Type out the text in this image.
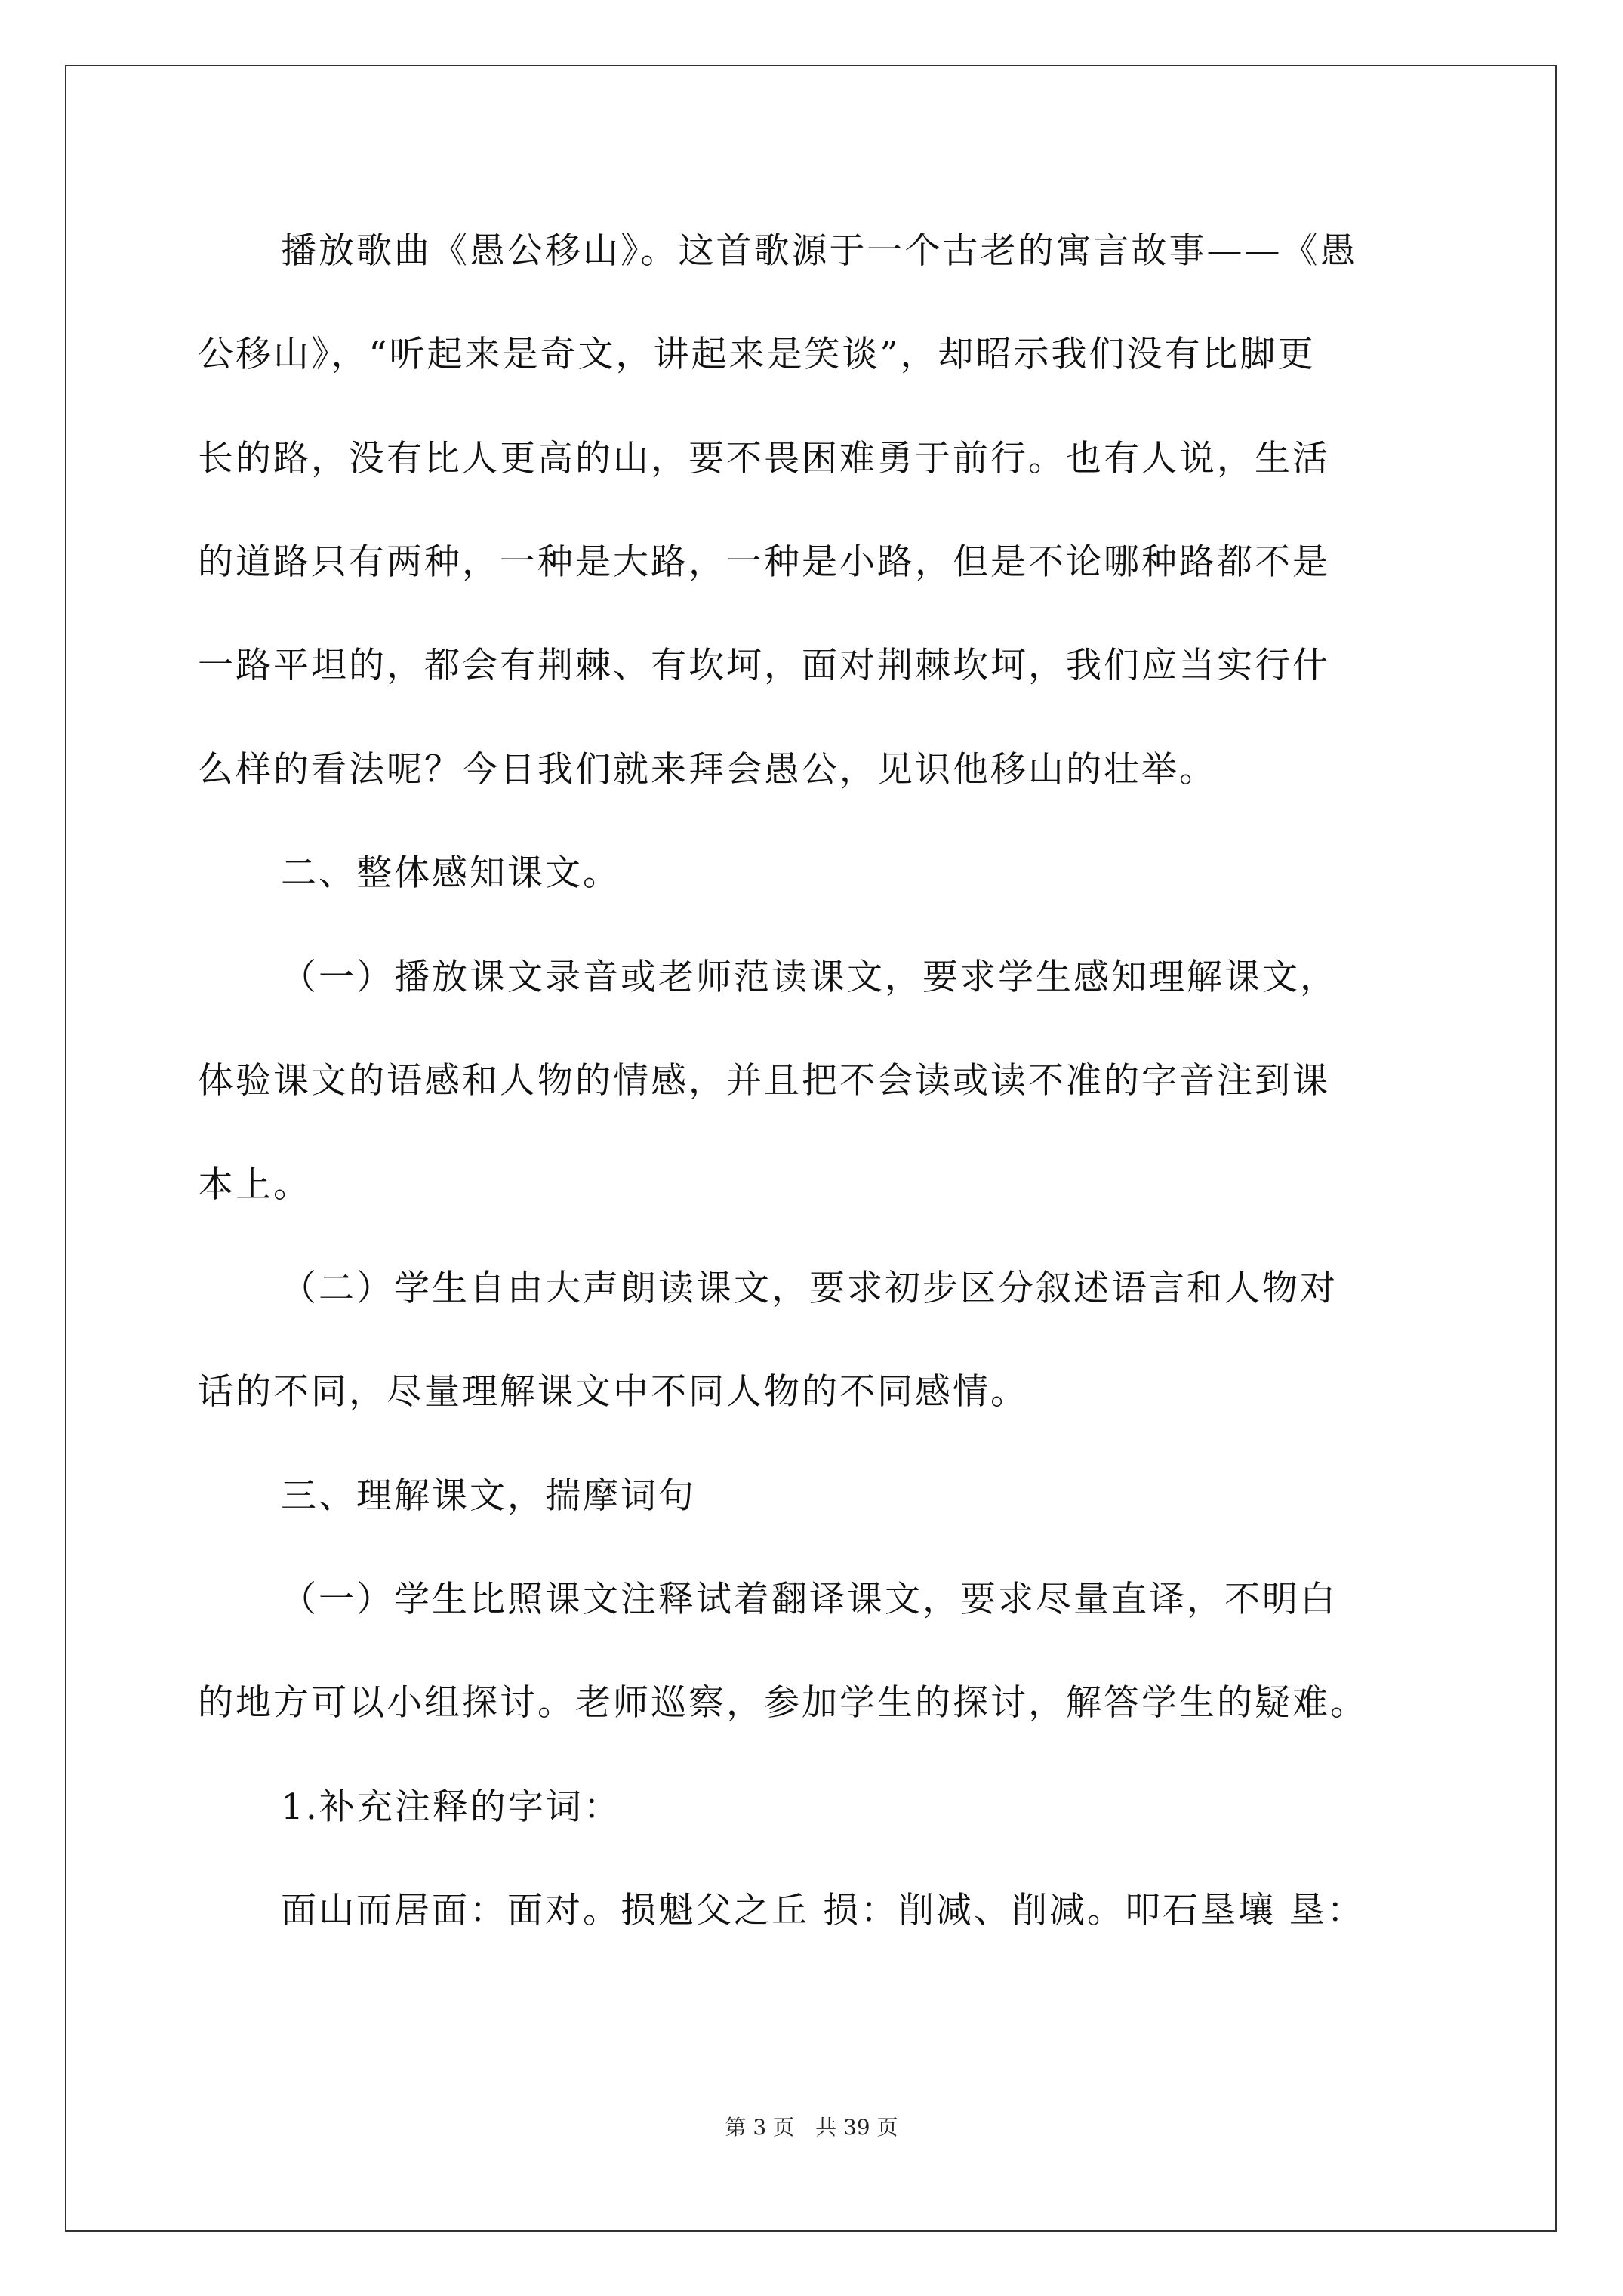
播放歌曲《愚公移山》。这首歌源于一个古老的寓言故事——《愚
公移山》，“听起来是奇文，讲起来是笑谈”，却昭示我们没有比脚更
长的路，没有比人更高的山，要不畏困难勇于前行。也有人说，生活
的道路只有两种，一种是大路，一种是小路，但是不论哪种路都不是
一路平坦的，都会有荆棘、有坎坷，面对荆棘坎坷，我们应当实行什
么样的看法呢？今日我们就来拜会愚公，见识他移山的壮举。
二、整体感知课文。
（一）播放课文录音或老师范读课文，要求学生感知理解课文，
体验课文的语感和人物的情感，并且把不会读或读不准的字音注到课
本上。
（二）学生自由大声朗读课文，要求初步区分叙述语言和人物对
话的不同，尽量理解课文中不同人物的不同感情。
三、理解课文，揣摩词句
（一）学生比照课文注释试着翻译课文，要求尽量直译，不明白
的地方可以小组探讨。老师巡察，参加学生的探讨，解答学生的疑难。
1.补充注释的字词：
面山而居面：面对。损魁父之丘 损：削减、削减。叩石垦壤 垦：
第 3 页　共 39 页
